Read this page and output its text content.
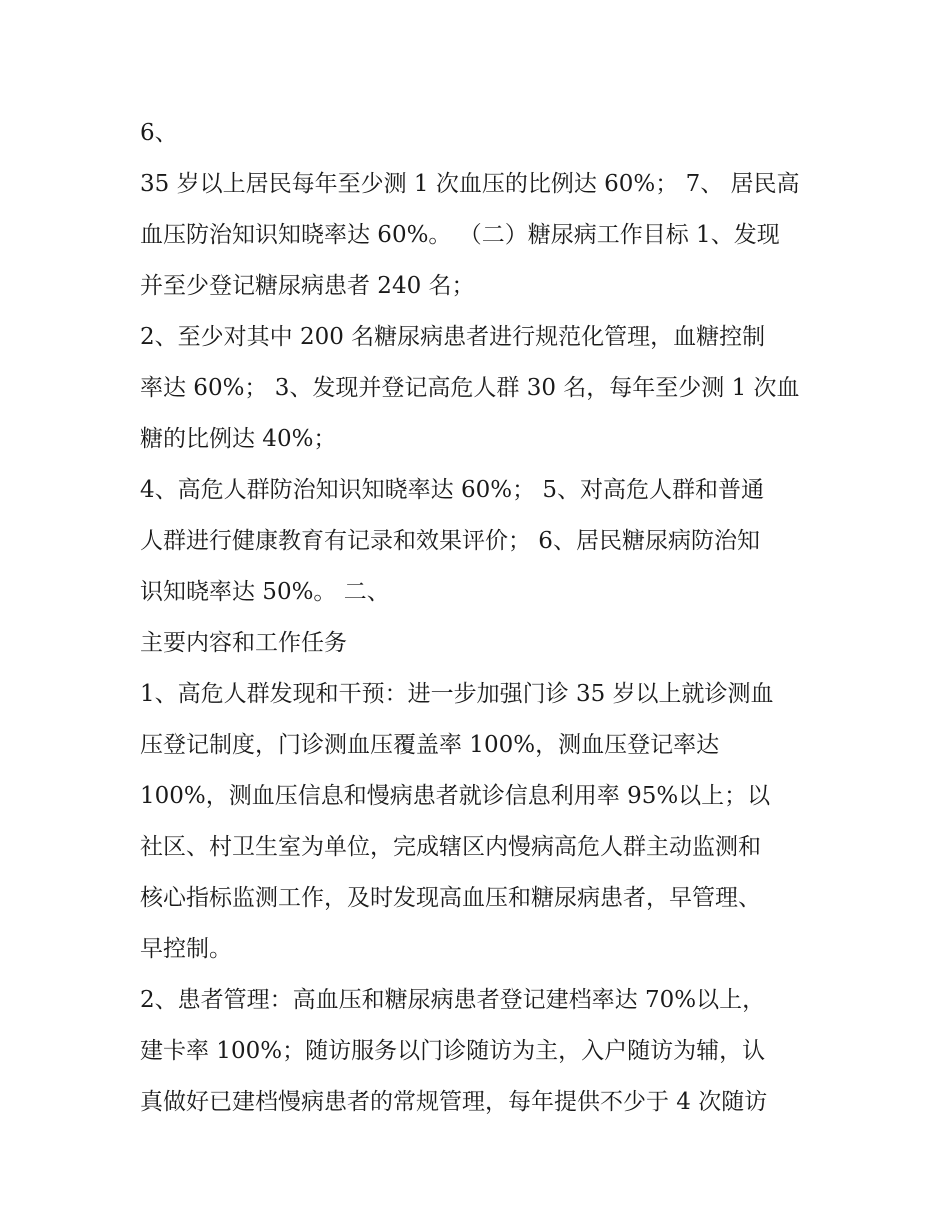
6、
35 岁以上居民每年至少测 1 次血压的比例达 60%； 7、 居民高
血压防治知识知晓率达 60%。 （二）糖尿病工作目标 1、发现
并至少登记糖尿病患者 240 名；
2、至少对其中 200 名糖尿病患者进行规范化管理，血糖控制
率达 60%； 3、发现并登记高危人群 30 名，每年至少测 1 次血
糖的比例达 40%；
4、高危人群防治知识知晓率达 60%； 5、对高危人群和普通
人群进行健康教育有记录和效果评价； 6、居民糖尿病防治知
识知晓率达 50%。 二、
主要内容和工作任务
1、高危人群发现和干预：进一步加强门诊 35 岁以上就诊测血
压登记制度，门诊测血压覆盖率 100%，测血压登记率达
100%，测血压信息和慢病患者就诊信息利用率 95%以上；以
社区、村卫生室为单位，完成辖区内慢病高危人群主动监测和
核心指标监测工作，及时发现高血压和糖尿病患者，早管理、
早控制。
2、患者管理：高血压和糖尿病患者登记建档率达 70%以上，
建卡率 100%；随访服务以门诊随访为主，入户随访为辅，认
真做好已建档慢病患者的常规管理，每年提供不少于 4 次随访
